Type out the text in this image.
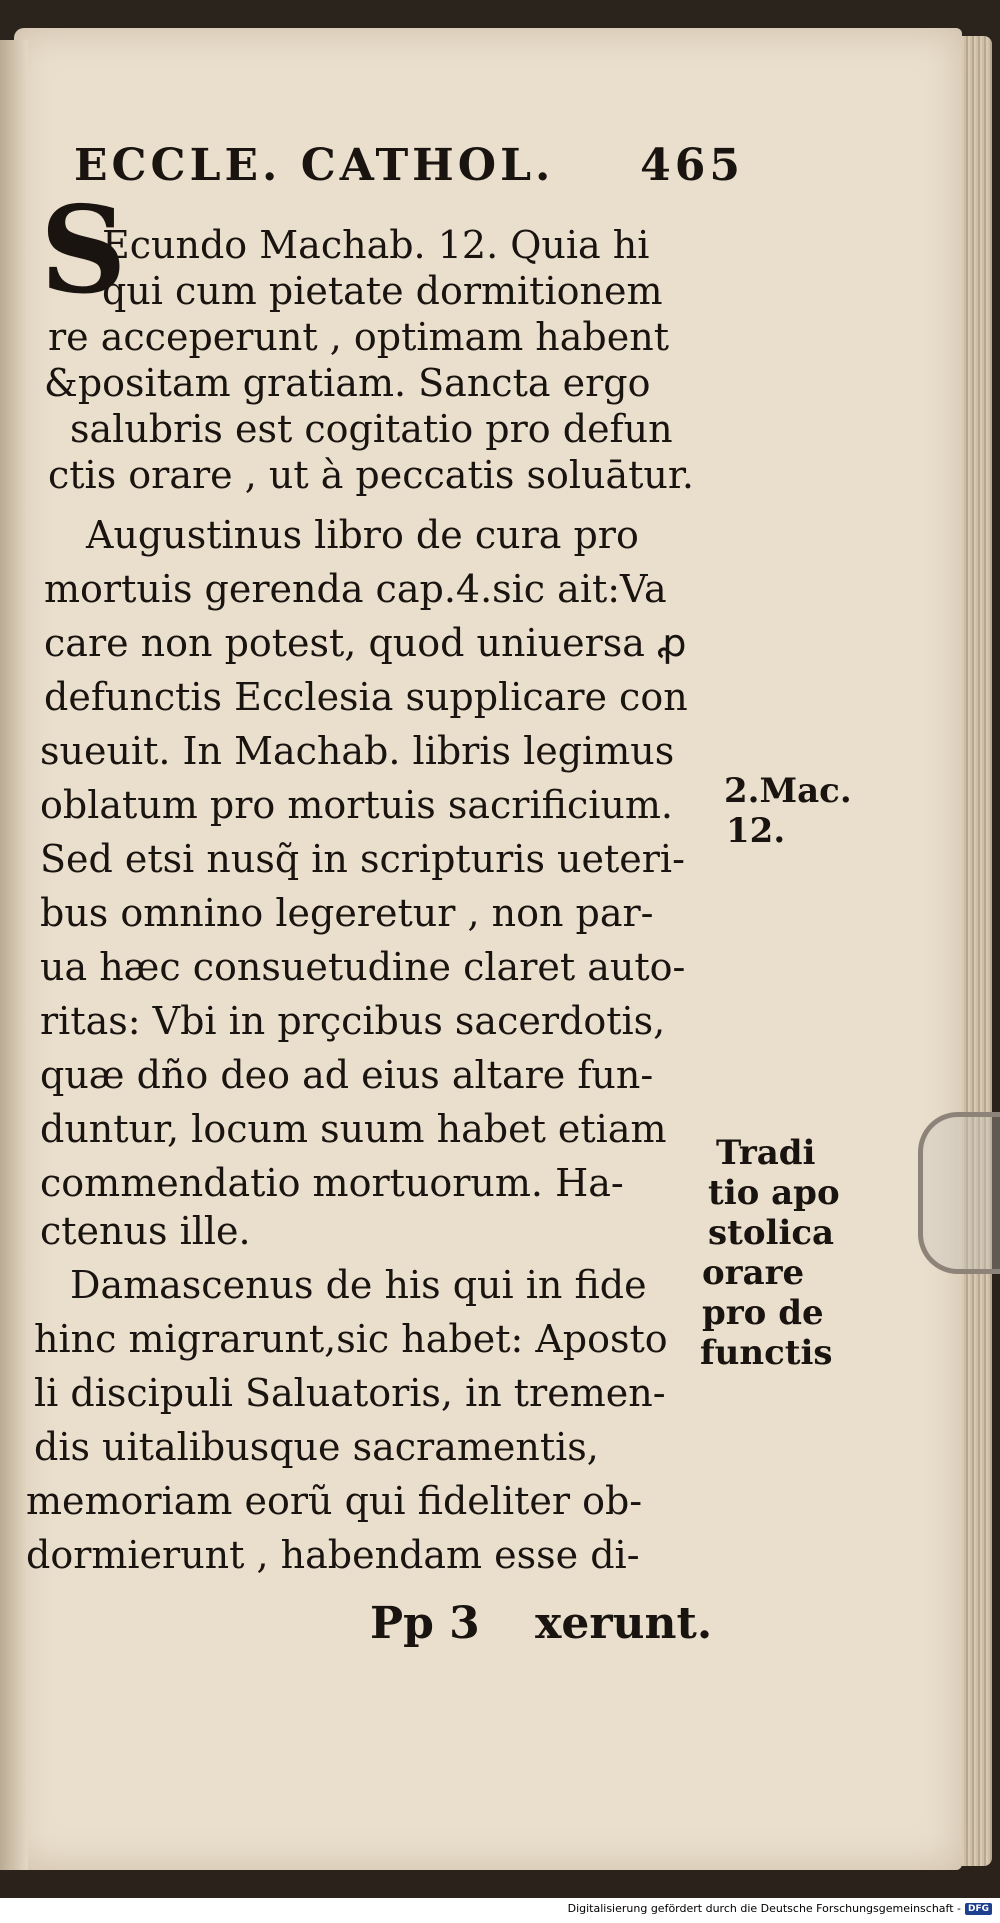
ECCLE. CATHOL. 465
S
Ecundo Machab. 12. Quia hi
qui cum pietate dormitionem
re acceperunt , optimam habent
&positam gratiam. Sancta ergo
salubris est cogitatio pro defun
ctis orare , ut à peccatis soluātur.
Augustinus libro de cura pro
mortuis gerenda cap.4.sic ait:Va
care non potest, quod uniuersa ꝓ
defunctis Ecclesia supplicare con
sueuit. In Machab. libris legimus
oblatum pro mortuis sacrificium.
Sed etsi nusq̃ in scripturis ueteri-
bus omnino legeretur , non par-
ua hæc consuetudine claret auto-
ritas: Vbi in prçcibus sacerdotis,
quæ dño deo ad eius altare fun-
duntur, locum suum habet etiam
commendatio mortuorum. Ha-
ctenus ille.
Damascenus de his qui in fide
hinc migrarunt,sic habet: Aposto
li discipuli Saluatoris, in tremen-
dis uitalibusque sacramentis,
memoriam eorũ qui fideliter ob-
dormierunt , habendam esse di-
2.Mac.
12.
Tradi
tio apo
stolica
orare
pro de
functis
Pp 3 xerunt.
Digitalisierung gefördert durch die Deutsche Forschungsgemeinschaft - DFG
